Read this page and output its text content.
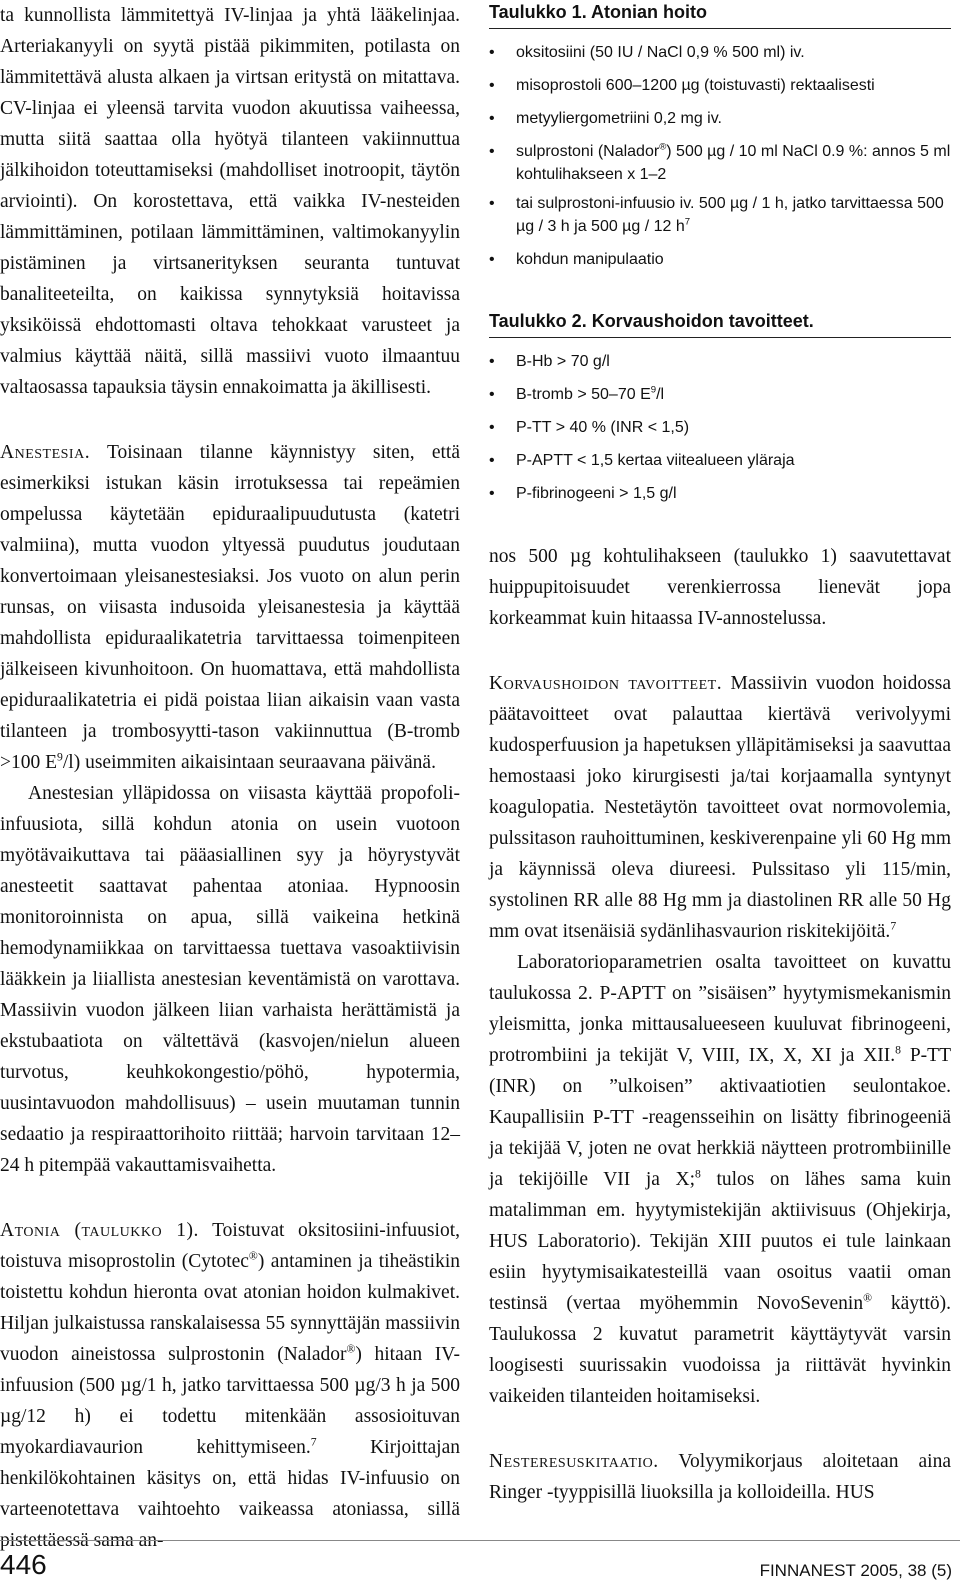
ta kunnollista lämmitettyä IV-linjaa ja yhtä lääkelinjaa. Arteriakanyyli on syytä pistää pikimmiten, potilasta on lämmitettävä alusta alkaen ja virtsan eritystä on mitattava. CV-linjaa ei yleensä tarvita vuodon akuutissa vaiheessa, mutta siitä saattaa olla hyötyä tilanteen vakiinnuttua jälkihoidon toteuttamiseksi (mahdolliset inotroopit, täytön arviointi). On korostettava, että vaikka IV-nesteiden lämmittäminen, potilaan lämmittäminen, valtimokanyylin pistäminen ja virtsanerityksen seuranta tuntuvat banaliteeteilta, on kaikissa synnytyksiä hoitavissa yksiköissä ehdottomasti oltava tehokkaat varusteet ja valmius käyttää näitä, sillä massiivi vuoto ilmaantuu valtaosassa tapauksia täysin ennakoimatta ja äkillisesti.

Anestesia. Toisinaan tilanne käynnistyy siten, että esimerkiksi istukan käsin irrotuksessa tai repeämien ompelussa käytetään epiduraalipuudutusta (katetri valmiina), mutta vuodon yltyessä puudutus joudutaan konvertoimaan yleisanestesiaksi. Jos vuoto on alun perin runsas, on viisasta indusoida yleisanestesia ja käyttää mahdollista epiduraalikatetria tarvittaessa toimenpiteen jälkeiseen kivunhoitoon. On huomattava, että mahdollista epiduraalikatetria ei pidä poistaa liian aikaisin vaan vasta tilanteen ja trombosyytti-tason vakiinnuttua (B-tromb >100 $E^9/l$) useimmiten aikaisintaan seuraavana päivänä.

Anestesian ylläpidossa on viisasta käyttää propofoli-infuusiota, sillä kohdun atonia on usein vuotoon myötävaikuttava tai pääasiallinen syy ja höyrystyvät anesteetit saattavat pahentaa atoniaa. Hypnoosin monitoroinnista on apua, sillä vaikeina hetkinä hemodynamiikkaa on tarvittaessa tuettava vasoaktiivisin lääkkein ja liiallista anestesian keventämistä on varottava. Massiivin vuodon jälkeen liian varhaista herättämistä ja ekstubaatiota on vältettävä (kasvojen/nielun alueen turvotus, keuhkokongestio/pöhö, hypotermia, uusintavuodon mahdollisuus) – usein muutaman tunnin sedaatio ja respiraattorihoito riittää; harvoin tarvitaan 12–24 h pitempää vakauttamisvaihetta.

Atonia (taulukko 1). Toistuvat oksitosiini-infuusiot, toistuva misoprostolin (Cytotec®) antaminen ja tiheästikin toistettu kohdun hieronta ovat atonian hoidon kulmakivet. Hiljan julkaistussa ranskalaisessa 55 synnyttäjän massiivin vuodon aineistossa sulprostonin (Nalador®) hitaan IV-infuusion (500 µg/1 h, jatko tarvittaessa 500 µg/3 h ja 500 µg/12 h) ei todettu mitenkään assosioituvan myokardiavaurion kehittymiseen.$^7$	Kirjoittajan henkilökohtainen käsitys on, että hidas IV-infuusio on varteenotettava vaihtoehto vaikeassa atoniassa, sillä pistettäessä sama an-

Taulukko 1. Atonian hoito
• oksitosiini (50 IU / NaCl 0,9 % 500 ml) iv.
• misoprostoli 600–1200 µg (toistuvasti) rektaalisesti
• metyyliergometriini 0,2 mg iv.
• sulprostoni (Nalador®) 500 µg / 10 ml NaCl 0.9 %: annos 5 ml kohtulihakseen x 1–2
• tai sulprostoni-infuusio iv. 500 µg / 1 h, jatko tarvittaessa 500 µg / 3 h ja 500 µg / 12 $h^7$
• kohdun manipulaatio
Taulukko 2. Korvaushoidon tavoitteet.
• B-Hb > 70 g/l
• B-tromb > 50–70 $E^9/l$
• P-TT > 40 % (INR < 1,5)
• P-APTT < 1,5 kertaa viitealueen yläraja
• P-fibrinogeeni > 1,5 g/l

nos 500 µg kohtulihakseen (taulukko 1) saavutettavat huippupitoisuudet verenkierrossa lienevät jopa korkeammat kuin hitaassa IV-annostelussa.

Korvaushoidon tavoitteet. Massiivin vuodon hoidossa päätavoitteet ovat palauttaa kiertävä verivolyymi kudosperfuusion ja hapetuksen ylläpitämiseksi ja saavuttaa hemostaasi joko kirurgisesti ja/tai korjaamalla syntynyt koagulopatia. Nestetäytön tavoitteet ovat normovolemia, pulssitason rauhoittuminen, keskiverenpaine yli 60 Hg mm ja käynnissä oleva diureesi. Pulssitaso yli 115/min, systolinen RR alle 88 Hg mm ja diastolinen RR alle 50 Hg mm ovat itsenäisiä sydänlihasvaurion riskitekijöitä.$^7$

Laboratorioparametrien osalta tavoitteet on kuvattu taulukossa 2. P-APTT on ”sisäisen” hyytymismekanismin yleismitta, jonka mittausalueeseen kuuluvat fibrinogeeni, protrombiini ja tekijät V, VIII, IX, X, XI ja XII.$^8$ P-TT (INR) on ”ulkoisen” aktivaatiotien seulontakoe. Kaupallisiin P-TT -reagensseihin on lisätty fibrinogeeniä ja tekijää V, joten ne ovat herkkiä näytteen protrombiinille ja tekijöille VII ja X;$^8$ tulos on lähes sama kuin matalimman em. hyytymistekijän aktiivisuus (Ohjekirja, HUS Laboratorio). Tekijän XIII puutos ei tule lainkaan esiin hyytymisaikatesteillä vaan osoitus vaatii oman testinsä (vertaa myöhemmin NovoSevenin® käyttö). Taulukossa 2 kuvatut parametrit käyttäytyvät varsin loogisesti suurissakin vuodoissa ja riittävät hyvinkin vaikeiden tilanteiden hoitamiseksi.

Nesteresuskitaatio. Volyymikorjaus aloitetaan aina Ringer -tyyppisillä liuoksilla ja kolloideilla. HUS

446	FINNANEST 2005, 38 (5)
